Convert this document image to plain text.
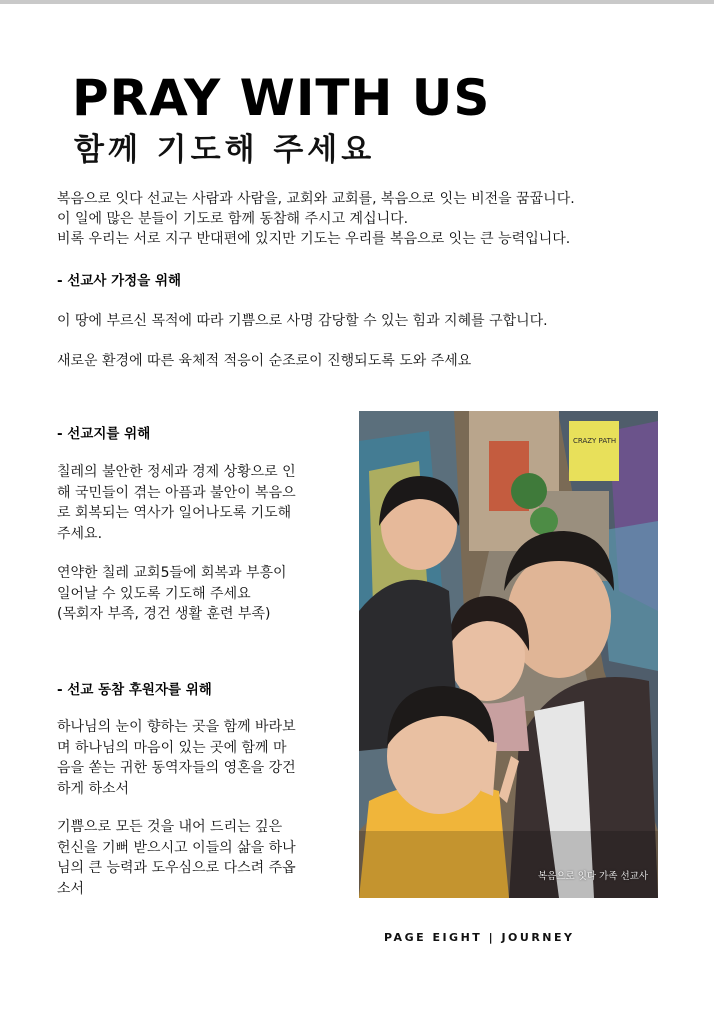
PRAY WITH US
함께 기도해 주세요

복음으로 잇다 선교는 사람과 사람을, 교회와 교회를, 복음으로 잇는 비전을 꿈꿉니다.
이 일에 많은 분들이 기도로 함께 동참해 주시고 계십니다.
비록 우리는 서로 지구 반대편에 있지만 기도는 우리를 복음으로 잇는 큰 능력입니다.

- 선교사 가정을 위해

이 땅에 부르신 목적에 따라 기쁨으로 사명 감당할 수 있는 힘과 지혜를 구합니다.

새로운 환경에 따른 육체적 적응이 순조로이 진행되도록 도와 주세요

- 선교지를 위해

칠레의 불안한 정세과 경제 상황으로 인
해 국민들이 겪는 아픔과 불안이 복음으
로 회복되는 역사가 일어나도록 기도해
주세요.

연약한 칠레 교회5들에 회복과 부흥이
일어날 수 있도록 기도해 주세요
(목회자 부족, 경건 생활 훈련 부족)

- 선교 동참 후원자를 위해

하나님의 눈이 향하는 곳을 함께 바라보
며 하나님의 마음이 있는 곳에 함께 마
음을 쏟는 귀한 동역자들의 영혼을 강건
하게 하소서

기쁨으로 모든 것을 내어 드리는 깊은
헌신을 기뻐 받으시고 이들의 삶을 하나
님의 큰 능력과 도우심으로 다스려 주옵
소서

CRAZY PATH
복음으로 잇다 가족 선교사

PAGE EIGHT | JOURNEY
